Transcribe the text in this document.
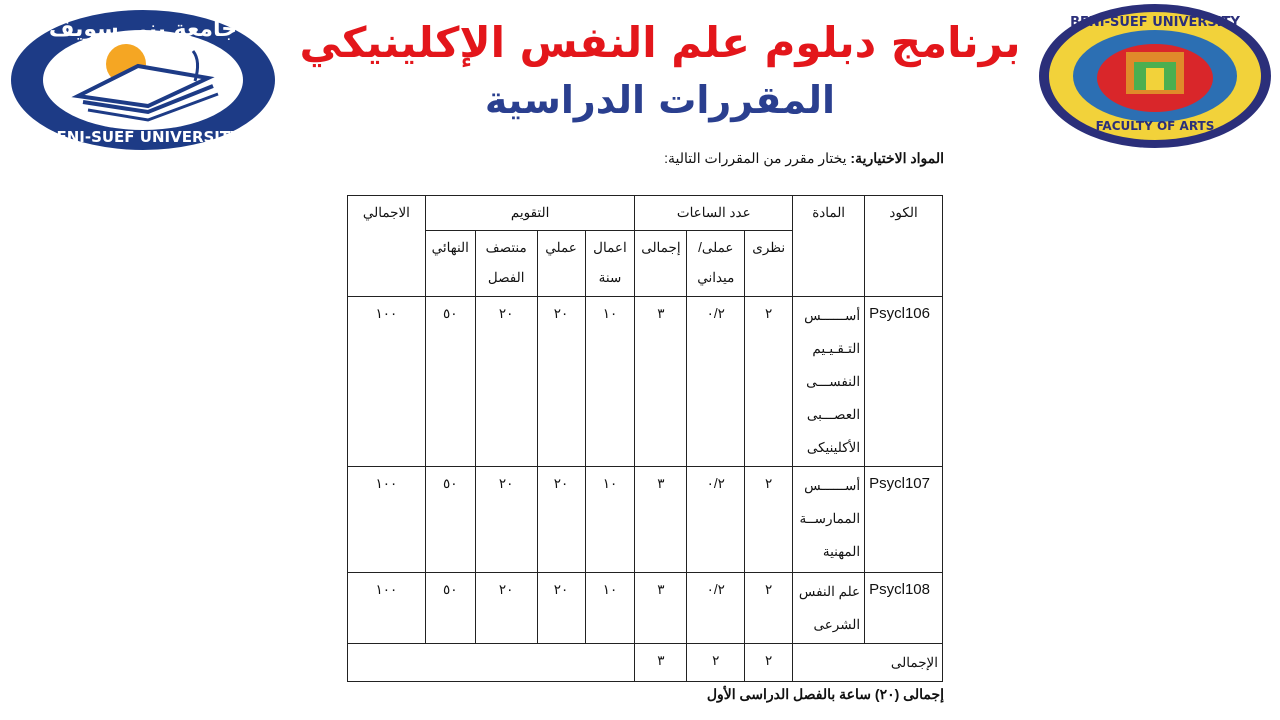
جامعة بني سويف
BENI-SUEF UNIVERSITY
BENI-SUEF UNIVERSITY
FACULTY OF ARTS
برنامج دبلوم علم النفس الإكلينيكي
المقررات الدراسية
المواد الاختيارية: يختار مقرر من المقررات التالية:
الكود	المادة	عدد الساعات			التقويم				الاجمالي
		نظرى	عملى/ ميداني	إجمالى	اعمال سنة	عملي	منتصف الفصل	النهائي	
Psycl106	أســــــس التـقـيـيم النفســـى العصـــبى الأكلينيكى	٢	٠/٢	٣	١٠	٢٠	٢٠	٥٠	١٠٠
Psycl107	أســــــس الممارســة المهنية	٢	٠/٢	٣	١٠	٢٠	٢٠	٥٠	١٠٠
Psycl108	علم النفس الشرعى	٢	٠/٢	٣	١٠	٢٠	٢٠	٥٠	١٠٠
الإجمالى		٢	٢	٣					
إجمالى (٢٠) ساعة بالفصل الدراسى الأول
